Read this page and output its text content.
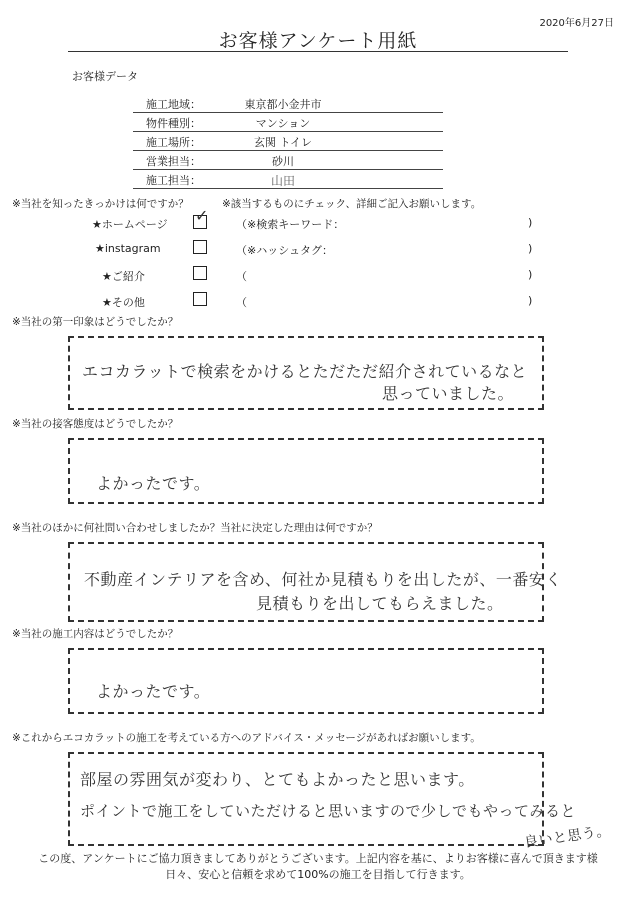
2020年6月27日
お客様アンケート用紙
お客様データ
施工地域：	東京都小金井市
物件種別：	マンション
施工場所：	玄関 トイレ
営業担当：	砂川
施工担当：	山田
※当社を知ったきっかけは何ですか？	※該当するものにチェック、詳細ご記入お願いします。
★ホームページ ✓	（※検索キーワード：	)
★instagram	（※ハッシュタグ：	)
★ご紹介	（	)
★その他	（	)
※当社の第一印象はどうでしたか？
エコカラットで検索をかけるとただただ紹介されているなと
思っていました。
※当社の接客態度はどうでしたか？
よかったです。
※当社のほかに何社問い合わせしましたか？当社に決定した理由は何ですか？
不動産インテリアを含め、何社か見積もりを出したが、一番安く
見積もりを出してもらえました。
※当社の施工内容はどうでしたか？
よかったです。
※これからエコカラットの施工を考えている方へのアドバイス・メッセージがあればお願いします。
部屋の雰囲気が変わり、とてもよかったと思います。
ポイントで施工をしていただけると思いますので少しでもやってみると
良いと思う。
この度、アンケートにご協力頂きましてありがとうございます。上記内容を基に、よりお客様に喜んで頂きます様
日々、安心と信頼を求めて100%の施工を目指して行きます。
